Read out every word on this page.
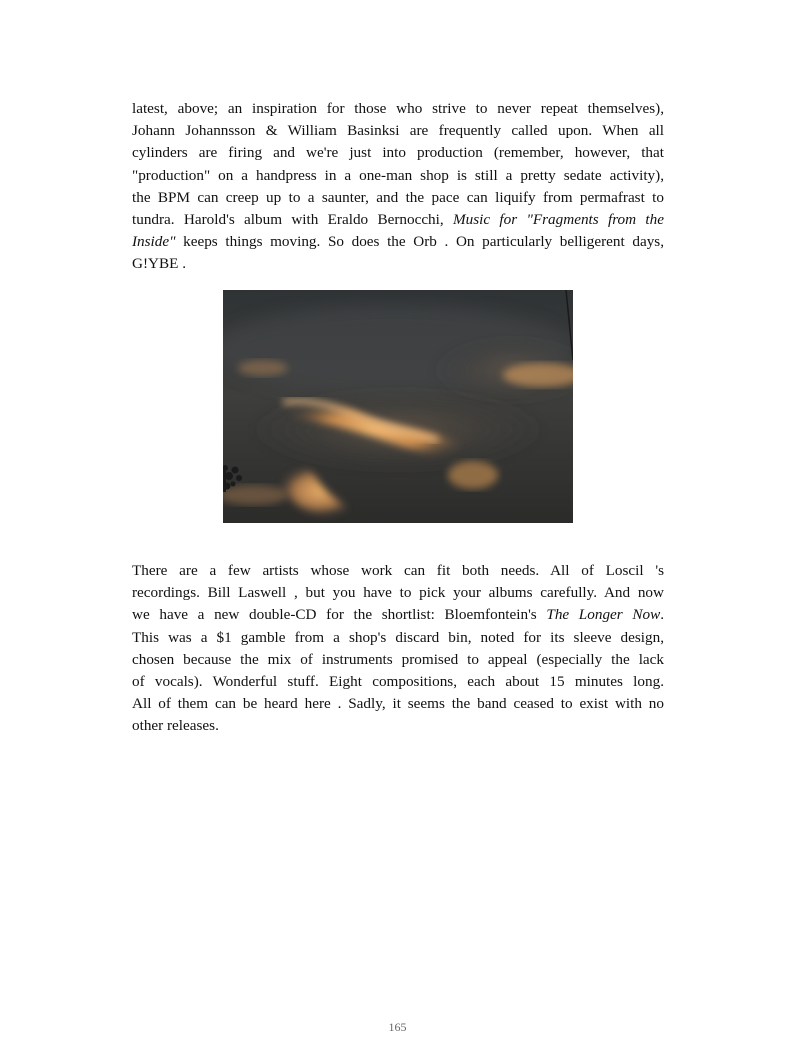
latest, above; an inspiration for those who strive to never repeat themselves),
Johann Johannsson & William Basinksi are frequently called upon. When all
cylinders are firing and we're just into production (remember, however, that
"production" on a handpress in a one-man shop is still a pretty sedate activity),
the BPM can creep up to a saunter, and the pace can liquify from permafrast to
tundra. Harold's album with Eraldo Bernocchi, Music for "Fragments from the
Inside" keeps things moving. So does the Orb . On particularly belligerent days,
G!YBE .

There are a few artists whose work can fit both needs. All of Loscil 's
recordings. Bill Laswell , but you have to pick your albums carefully. And now
we have a new double-CD for the shortlist: Bloemfontein's The Longer Now.
This was a $1 gamble from a shop's discard bin, noted for its sleeve design,
chosen because the mix of instruments promised to appeal (especially the lack
of vocals). Wonderful stuff. Eight compositions, each about 15 minutes long.
All of them can be heard here . Sadly, it seems the band ceased to exist with no
other releases.

165
